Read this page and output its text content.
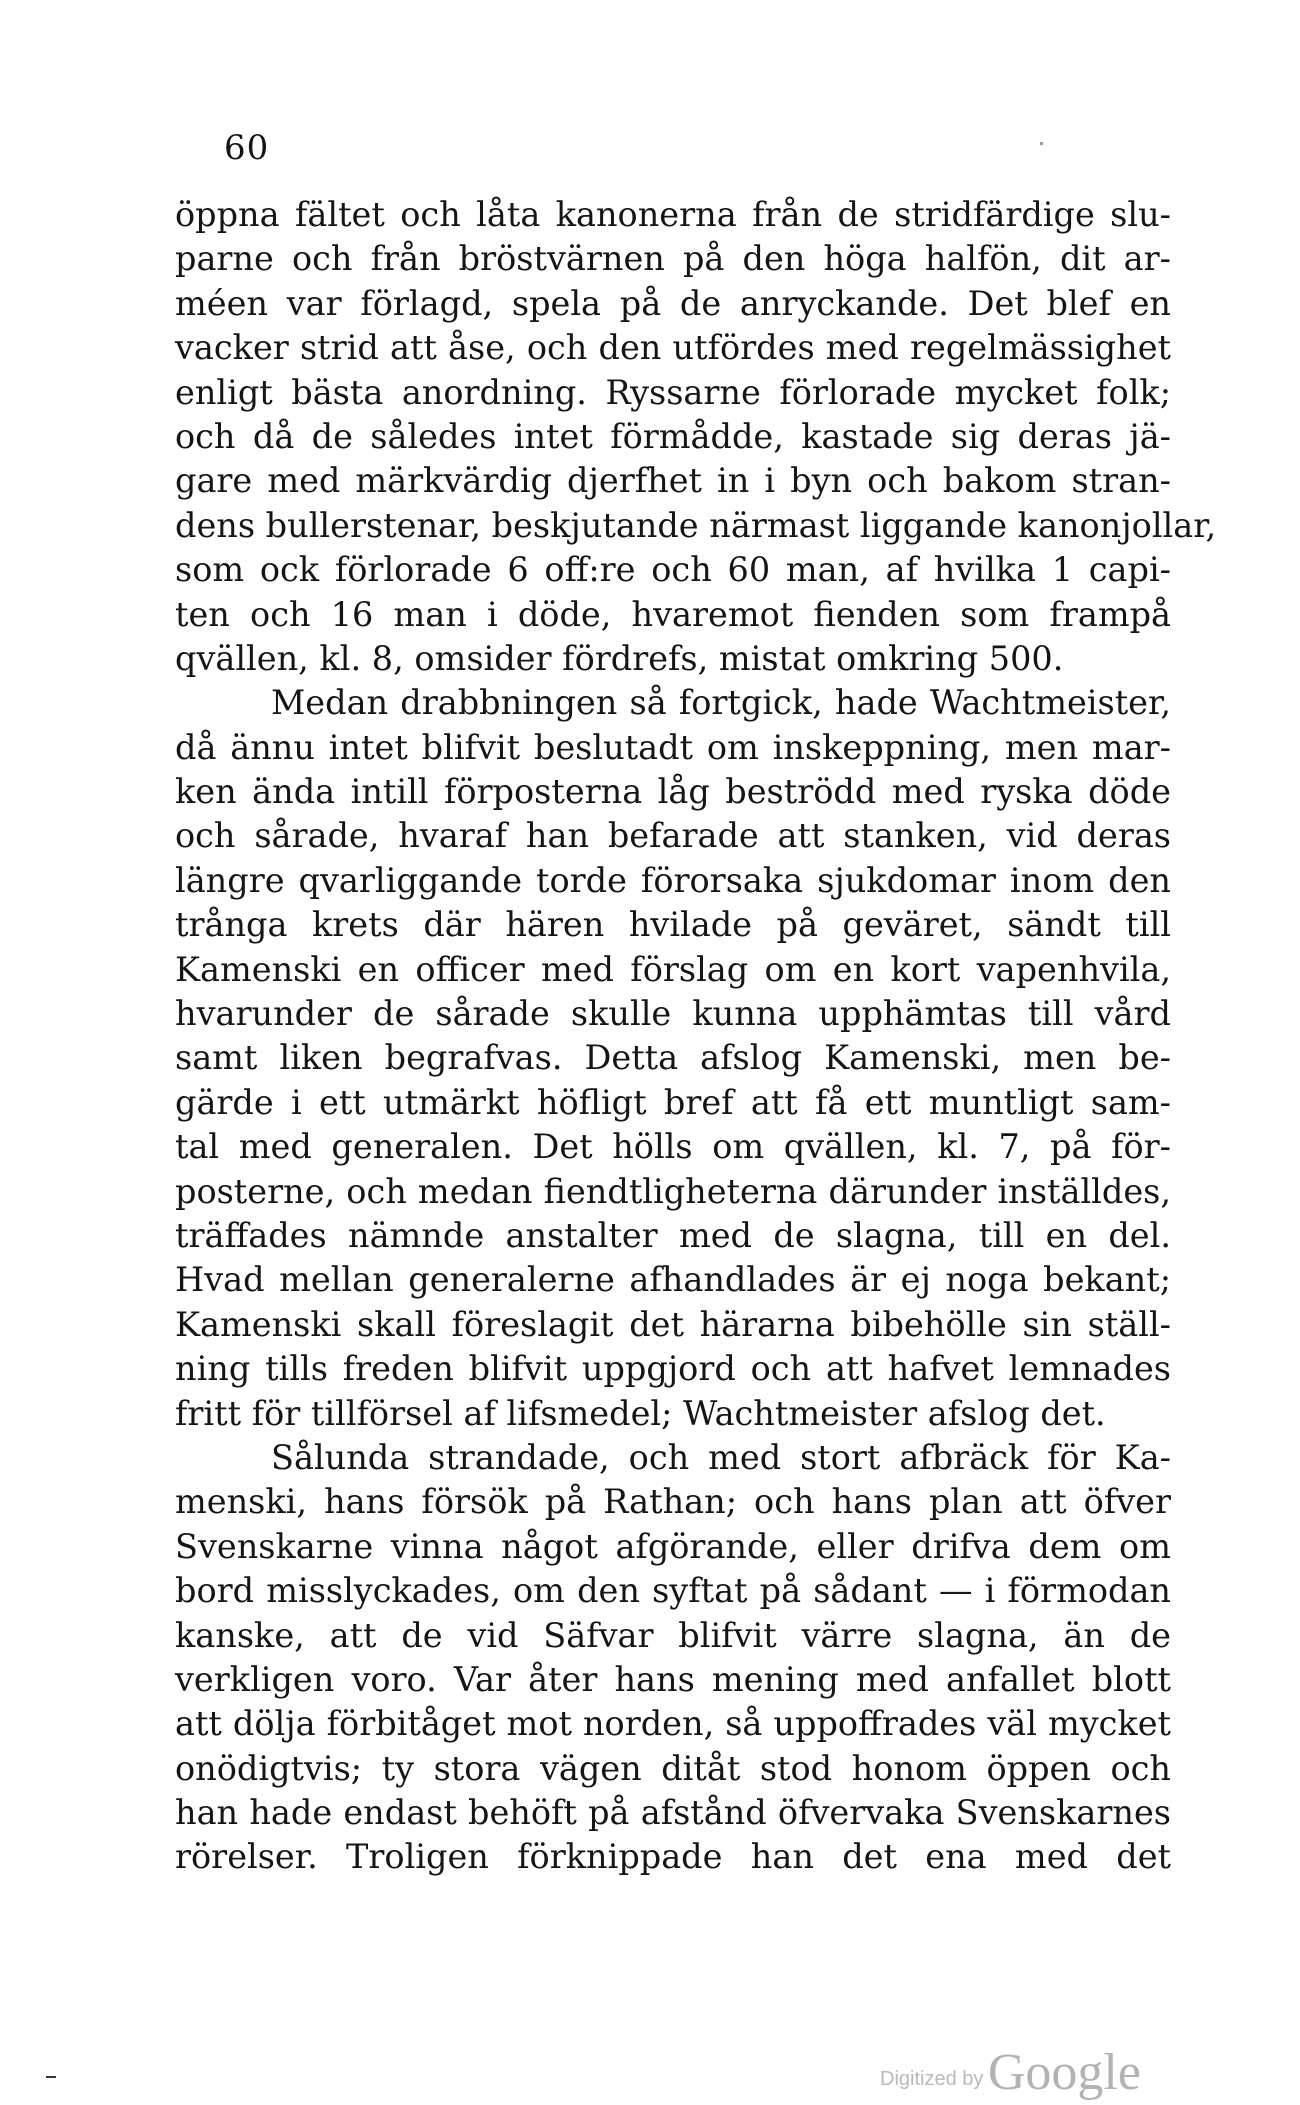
60
öppna fältet och låta kanonerna från de stridfärdige slu-
parne och från bröstvärnen på den höga halfön, dit ar-
méen var förlagd, spela på de anryckande. Det blef en
vacker strid att åse, och den utfördes med regelmässighet
enligt bästa anordning. Ryssarne förlorade mycket folk;
och då de således intet förmådde, kastade sig deras jä-
gare med märkvärdig djerfhet in i byn och bakom stran-
dens bullerstenar, beskjutande närmast liggande kanonjollar,
som ock förlorade 6 off:re och 60 man, af hvilka 1 capi-
ten och 16 man i döde, hvaremot fienden som frampå
qvällen, kl. 8, omsider fördrefs, mistat omkring 500.
Medan drabbningen så fortgick, hade Wachtmeister,
då ännu intet blifvit beslutadt om inskeppning, men mar-
ken ända intill förposterna låg beströdd med ryska döde
och sårade, hvaraf han befarade att stanken, vid deras
längre qvarliggande torde förorsaka sjukdomar inom den
trånga krets där hären hvilade på geväret, sändt till
Kamenski en officer med förslag om en kort vapenhvila,
hvarunder de sårade skulle kunna upphämtas till vård
samt liken begrafvas. Detta afslog Kamenski, men be-
gärde i ett utmärkt höfligt bref att få ett muntligt sam-
tal med generalen. Det hölls om qvällen, kl. 7, på för-
posterne, och medan fiendtligheterna därunder inställdes,
träffades nämnde anstalter med de slagna, till en del.
Hvad mellan generalerne afhandlades är ej noga bekant;
Kamenski skall föreslagit det härarna bibehölle sin ställ-
ning tills freden blifvit uppgjord och att hafvet lemnades
fritt för tillförsel af lifsmedel; Wachtmeister afslog det.
Sålunda strandade, och med stort afbräck för Ka-
menski, hans försök på Rathan; och hans plan att öfver
Svenskarne vinna något afgörande, eller drifva dem om
bord misslyckades, om den syftat på sådant — i förmodan
kanske, att de vid Säfvar blifvit värre slagna, än de
verkligen voro. Var åter hans mening med anfallet blott
att dölja förbitåget mot norden, så uppoffrades väl mycket
onödigtvis; ty stora vägen ditåt stod honom öppen och
han hade endast behöft på afstånd öfvervaka Svenskarnes
rörelser. Troligen förknippade han det ena med det
Digitized by Google
